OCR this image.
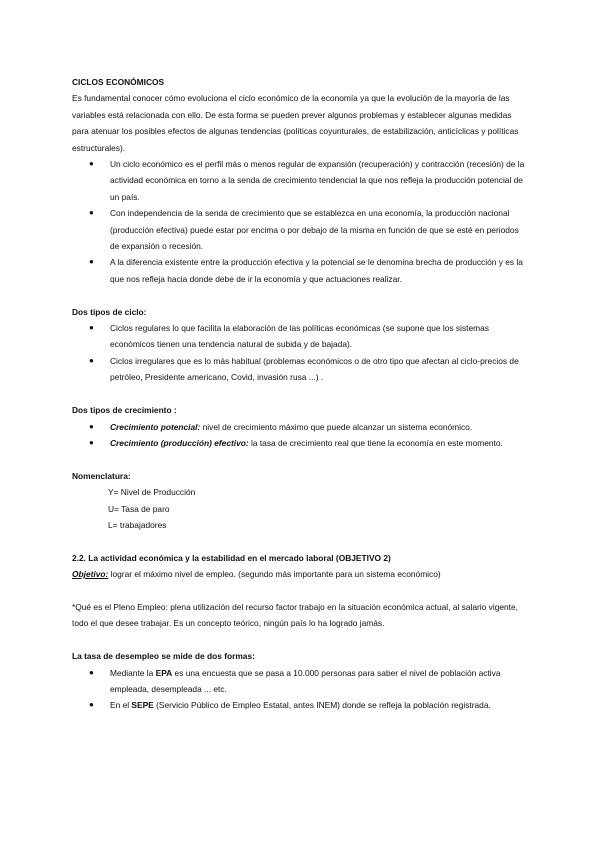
CICLOS ECONÓMICOS

Es fundamental conocer cómo evoluciona el ciclo económico de la economía ya que la evolución de la mayoría de las variables está relacionada con ello. De esta forma se pueden prever algunos problemas y establecer algunas medidas para atenuar los posibles efectos de algunas tendencias (políticas coyunturales, de estabilización, anticíclicas y políticas estructurales).

● Un ciclo económico es el perfil más o menos regular de expansión (recuperación) y contracción (recesión) de la actividad económica en torno a la senda de crecimiento tendencial la que nos refleja la producción potencial de un país.
● Con independencia de la senda de crecimiento que se establezca en una economía, la producción nacional (producción efectiva) puede estar por encima o por debajo de la misma en función de que se esté en periodos de expansión o recesión.
● A la diferencia existente entre la producción efectiva y la potencial se le denomina brecha de producción y es la que nos refleja hacia donde debe de ir la economía y que actuaciones realizar.

Dos tipos de ciclo:

● Ciclos regulares lo que facilita la elaboración de las políticas económicas (se supone que los sistemas económicos tienen una tendencia natural de subida y de bajada).
● Ciclos irregulares que es lo más habitual (problemas económicos o de otro tipo que afectan al ciclo-precios de petróleo, Presidente americano, Covid, invasión rusa ...) .

Dos tipos de crecimiento :

● Crecimiento potencial: nivel de crecimiento máximo que puede alcanzar un sistema económico.
● Crecimiento (producción) efectivo: la tasa de crecimiento real que tiene la economía en este momento.

Nomenclatura:

Y= Nivel de Producción

U= Tasa de paro

L= trabajadores

2.2. La actividad económica y la estabilidad en el mercado laboral (OBJETIVO 2)

Objetivo: lograr el máximo nivel de empleo. (segundo más importante para un sistema económico)

*Qué es el Pleno Empleo: plena utilización del recurso factor trabajo en la situación económica actual, al salario vigente, todo el que desee trabajar. Es un concepto teórico, ningún país lo ha logrado jamás.

La tasa de desempleo se mide de dos formas:

● Mediante la EPA es una encuesta que se pasa a 10.000 personas para saber el nivel de población activa empleada, desempleada ... etc.
● En el SEPE (Servicio Público de Empleo Estatal, antes INEM) donde se refleja la población registrada.
